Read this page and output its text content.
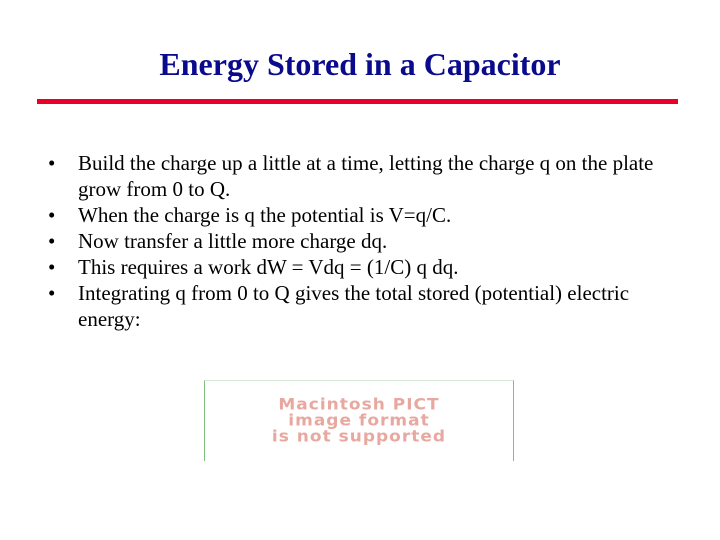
Energy Stored in a Capacitor
•	Build the charge up a little at a time, letting the charge q on the plate grow from 0 to Q.
•	When the charge is q the potential is V=q/C.
•	Now transfer a little more charge dq.
•	This requires a work dW = Vdq = (1/C) q dq.
•	Integrating q from 0 to Q gives the total stored (potential) electric energy:
Macintosh PICT
image format
is not supported
